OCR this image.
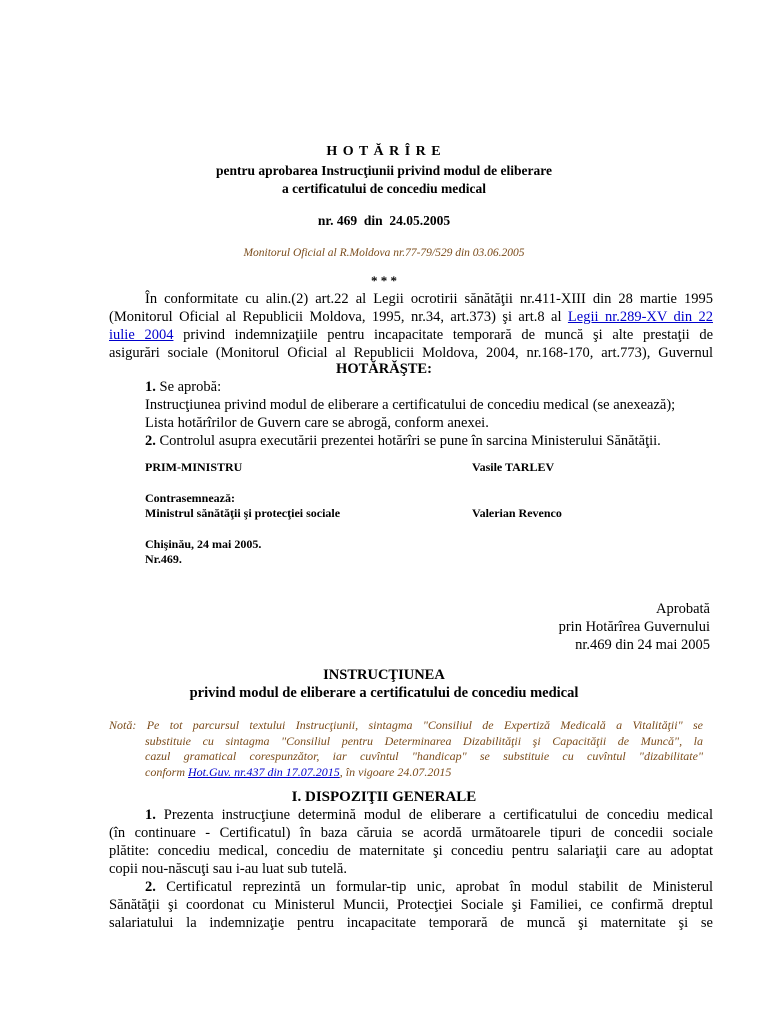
H O T Ă R Î R E
pentru aprobarea Instrucţiunii privind modul de eliberare
a certificatului de concediu medical
nr. 469  din  24.05.2005
Monitorul Oficial al R.Moldova nr.77-79/529 din 03.06.2005
* * *
În conformitate cu alin.(2) art.22 al Legii ocrotirii sănătăţii nr.411-XIII din 28 martie 1995
(Monitorul Oficial al Republicii Moldova, 1995, nr.34, art.373) şi art.8 al Legii nr.289-XV din 22
iulie 2004 privind indemnizaţiile pentru incapacitate temporară de muncă şi alte prestaţii de
asigurări sociale (Monitorul Oficial al Republicii Moldova, 2004, nr.168-170, art.773), Guvernul
HOTĂRĂŞTE:
1. Se aprobă:
Instrucţiunea privind modul de eliberare a certificatului de concediu medical (se anexează);
Lista hotărîrilor de Guvern care se abrogă, conform anexei.
2. Controlul asupra executării prezentei hotărîri se pune în sarcina Ministerului Sănătăţii.
PRIM-MINISTRU	Vasile TARLEV
Contrasemnează:
Ministrul sănătăţii şi protecţiei sociale	Valerian Revenco
Chişinău, 24 mai 2005.
Nr.469.
Aprobată
prin Hotărîrea Guvernului
nr.469 din 24 mai 2005
INSTRUCŢIUNEA
privind modul de eliberare a certificatului de concediu medical
Notă: Pe tot parcursul textului Instrucţiunii, sintagma "Consiliul de Expertiză Medicală a Vitalităţii" se
substituie cu sintagma "Consiliul pentru Determinarea Dizabilităţii şi Capacităţii de Muncă", la
cazul gramatical corespunzător, iar cuvîntul "handicap" se substituie cu cuvîntul "dizabilitate"
conform Hot.Guv. nr.437 din 17.07.2015, în vigoare 24.07.2015
I. DISPOZIŢII GENERALE
1. Prezenta instrucţiune determină modul de eliberare a certificatului de concediu medical
(în continuare - Certificatul) în baza căruia se acordă următoarele tipuri de concedii sociale
plătite: concediu medical, concediu de maternitate şi concediu pentru salariaţii care au adoptat
copii nou-născuţi sau i-au luat sub tutelă.
2. Certificatul reprezintă un formular-tip unic, aprobat în modul stabilit de Ministerul
Sănătăţii şi coordonat cu Ministerul Muncii, Protecţiei Sociale şi Familiei, ce confirmă dreptul
salariatului la indemnizaţie pentru incapacitate temporară de muncă şi maternitate şi se
